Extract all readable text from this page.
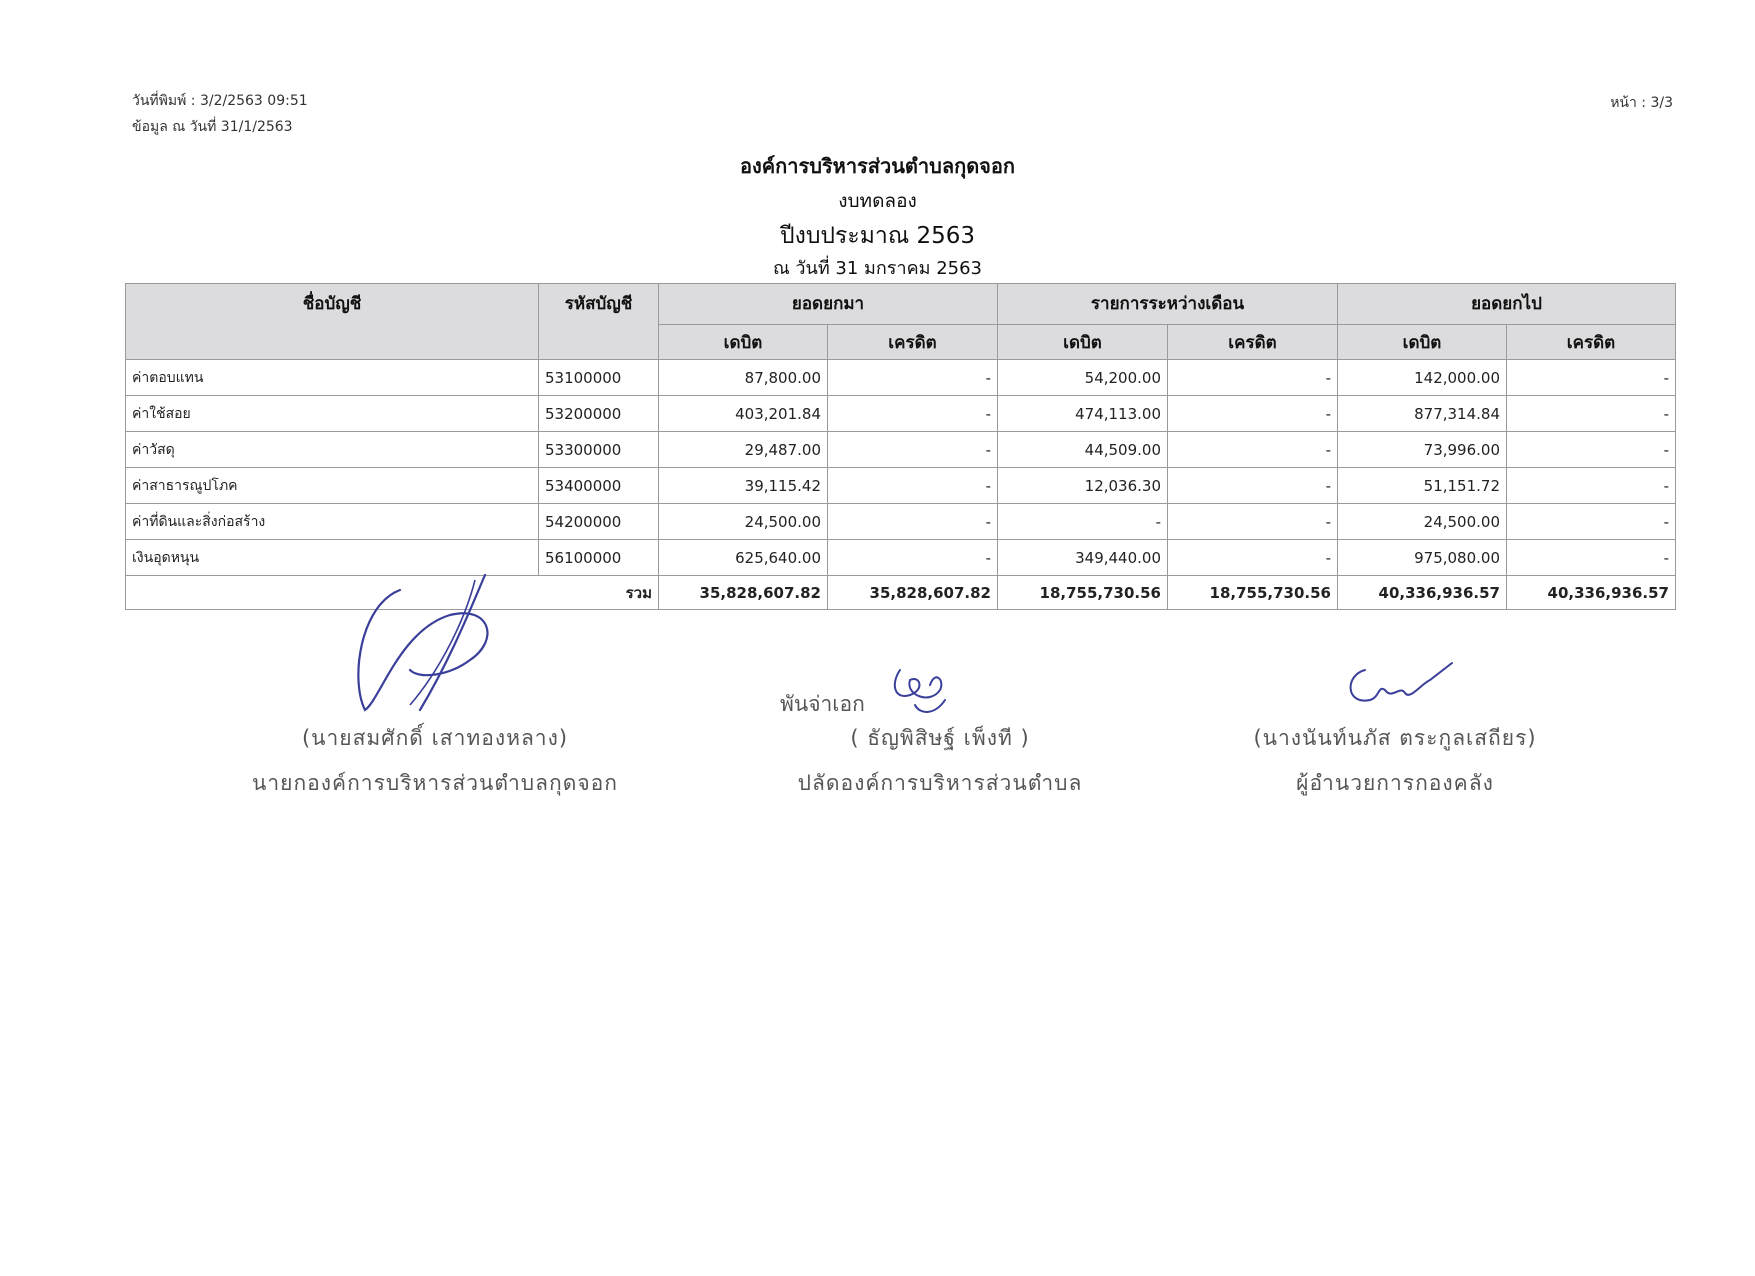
วันที่พิมพ์ : 3/2/2563 09:51
ข้อมูล ณ วันที่ 31/1/2563
หน้า : 3/3
องค์การบริหารส่วนตำบลกุดจอก
งบทดลอง
ปีงบประมาณ 2563
ณ วันที่ 31 มกราคม 2563
ชื่อบัญชี	รหัสบัญชี	ยอดยกมา		รายการระหว่างเดือน		ยอดยกไป	
		เดบิต	เครดิต	เดบิต	เครดิต	เดบิต	เครดิต
ค่าตอบแทน	53100000	87,800.00	-	54,200.00	-	142,000.00	-
ค่าใช้สอย	53200000	403,201.84	-	474,113.00	-	877,314.84	-
ค่าวัสดุ	53300000	29,487.00	-	44,509.00	-	73,996.00	-
ค่าสาธารณูปโภค	53400000	39,115.42	-	12,036.30	-	51,151.72	-
ค่าที่ดินและสิ่งก่อสร้าง	54200000	24,500.00	-	-	-	24,500.00	-
เงินอุดหนุน	56100000	625,640.00	-	349,440.00	-	975,080.00	-
รวม		35,828,607.82	35,828,607.82	18,755,730.56	18,755,730.56	40,336,936.57	40,336,936.57
พันจ่าเอก
(นายสมศักดิ์ เสาทองหลาง)
นายกองค์การบริหารส่วนตำบลกุดจอก
( ธัญพิสิษฐ์ เพ็งที )
ปลัดองค์การบริหารส่วนตำบล
(นางนันท์นภัส ตระกูลเสถียร)
ผู้อำนวยการกองคลัง
